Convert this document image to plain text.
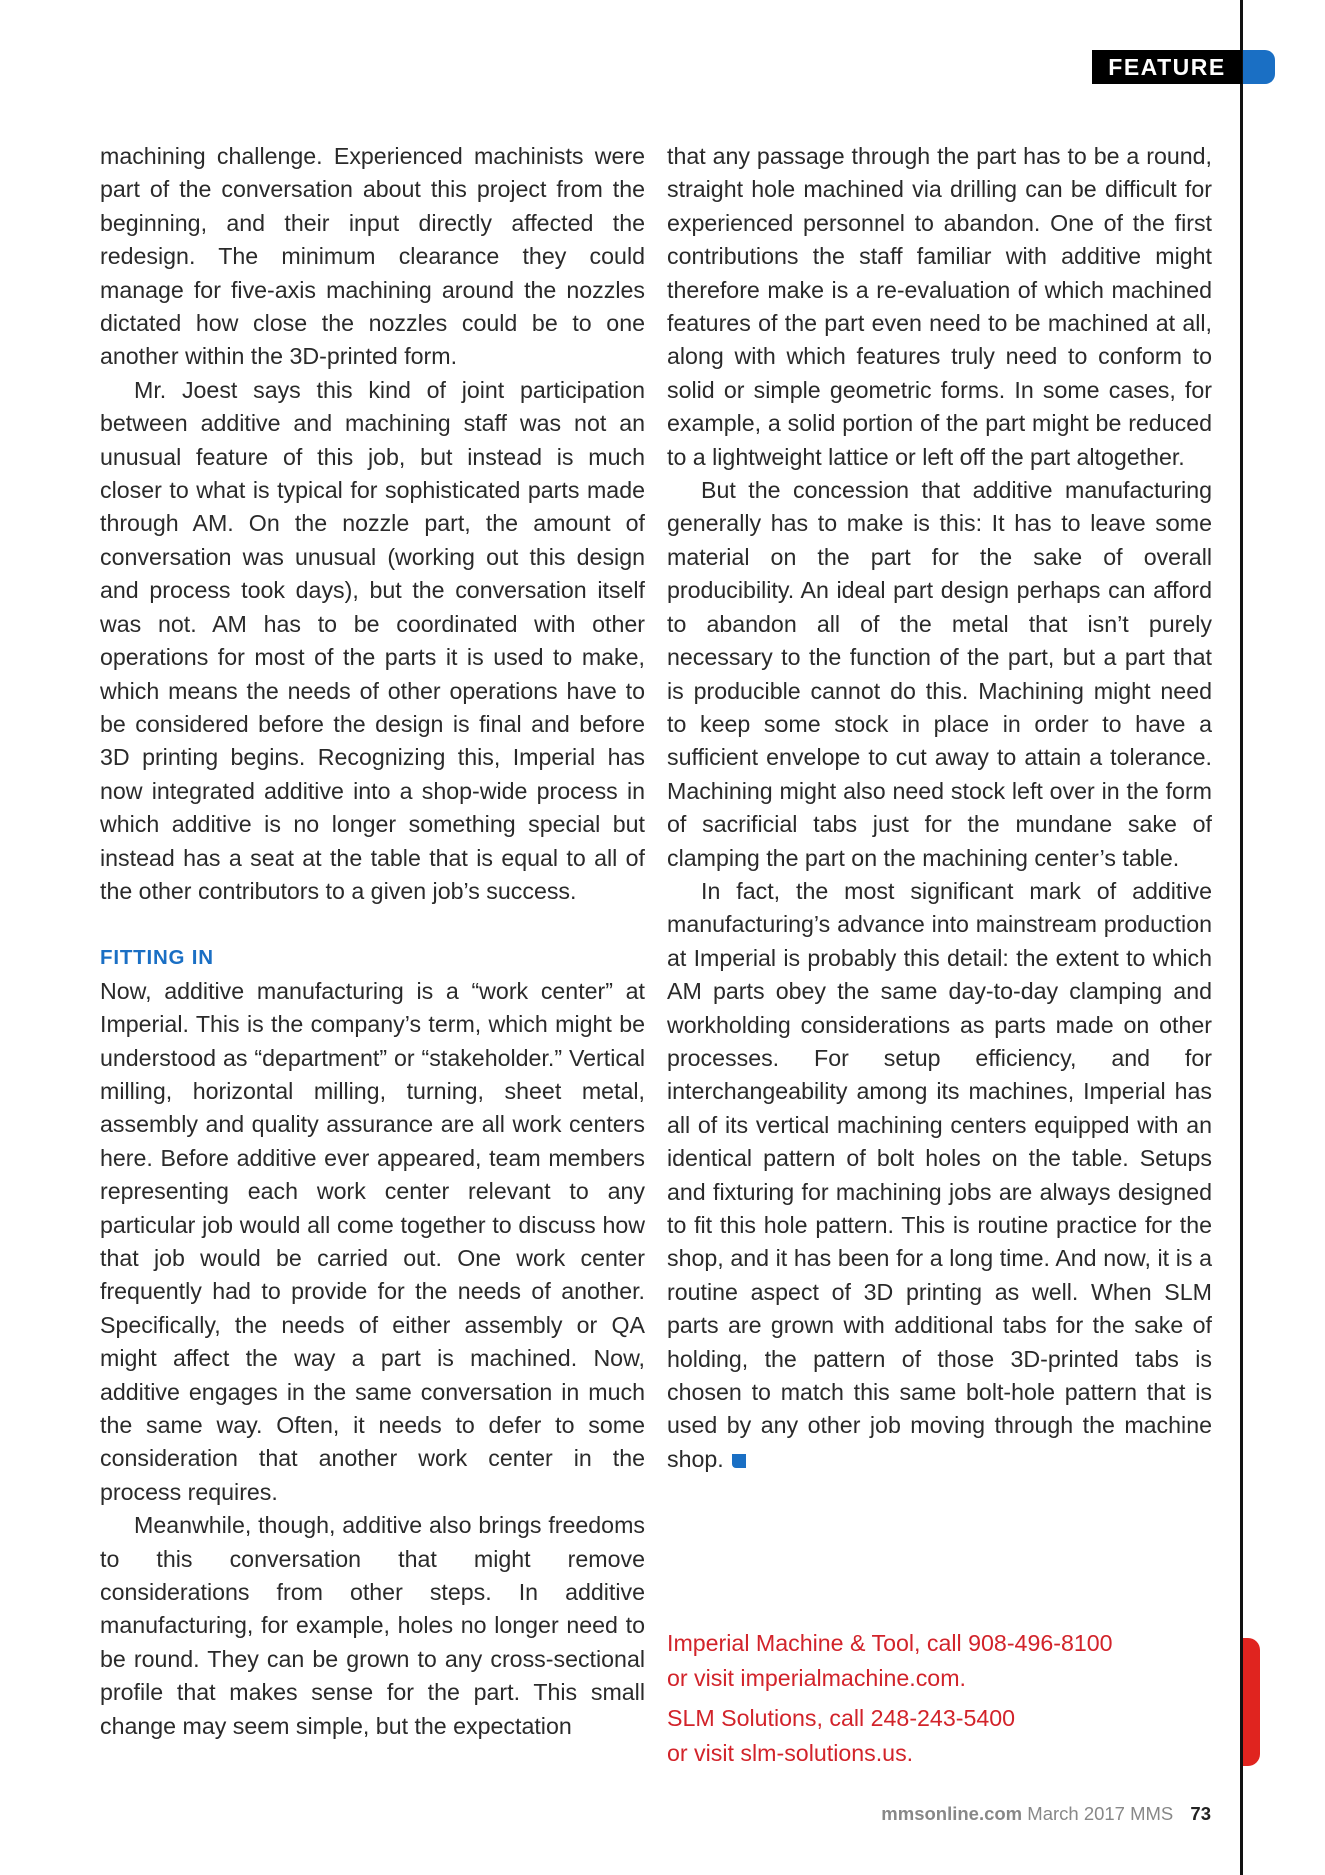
FEATURE

machining challenge. Experienced machinists were part of the conversation about this project from the beginning, and their input directly affected the redesign. The minimum clearance they could manage for five-axis machining around the nozzles dictated how close the nozzles could be to one another within the 3D-printed form.

Mr. Joest says this kind of joint participation between additive and machining staff was not an unusual feature of this job, but instead is much closer to what is typical for sophisticated parts made through AM. On the nozzle part, the amount of conversation was unusual (working out this design and process took days), but the conversation itself was not. AM has to be coordinated with other operations for most of the parts it is used to make, which means the needs of other operations have to be considered before the design is final and before 3D printing begins. Recognizing this, Imperial has now integrated additive into a shop-wide process in which additive is no longer something special but instead has a seat at the table that is equal to all of the other contributors to a given job’s success.

FITTING IN

Now, additive manufacturing is a “work center” at Imperial. This is the company’s term, which might be understood as “department” or “stakeholder.” Vertical milling, horizontal milling, turning, sheet metal, assembly and quality assurance are all work centers here. Before additive ever appeared, team members representing each work center relevant to any particular job would all come together to discuss how that job would be carried out. One work center frequently had to provide for the needs of another. Specifically, the needs of either assembly or QA might affect the way a part is machined. Now, additive engages in the same conversation in much the same way. Often, it needs to defer to some consideration that another work center in the process requires.

Meanwhile, though, additive also brings freedoms to this conversation that might remove considerations from other steps. In additive manufacturing, for example, holes no longer need to be round. They can be grown to any cross-sectional profile that makes sense for the part. This small change may seem simple, but the expectation

that any passage through the part has to be a round, straight hole machined via drilling can be difficult for experienced personnel to abandon. One of the first contributions the staff familiar with additive might therefore make is a re-evaluation of which machined features of the part even need to be machined at all, along with which features truly need to conform to solid or simple geometric forms. In some cases, for example, a solid portion of the part might be reduced to a lightweight lattice or left off the part altogether.

But the concession that additive manufacturing generally has to make is this: It has to leave some material on the part for the sake of overall producibility. An ideal part design perhaps can afford to abandon all of the metal that isn’t purely necessary to the function of the part, but a part that is producible cannot do this. Machining might need to keep some stock in place in order to have a sufficient envelope to cut away to attain a tolerance. Machining might also need stock left over in the form of sacrificial tabs just for the mundane sake of clamping the part on the machining center’s table.

In fact, the most significant mark of additive manufacturing’s advance into mainstream production at Imperial is probably this detail: the extent to which AM parts obey the same day-to-day clamping and workholding considerations as parts made on other processes. For setup efficiency, and for interchangeability among its machines, Imperial has all of its vertical machining centers equipped with an identical pattern of bolt holes on the table. Setups and fixturing for machining jobs are always designed to fit this hole pattern. This is routine practice for the shop, and it has been for a long time. And now, it is a routine aspect of 3D printing as well. When SLM parts are grown with additional tabs for the sake of holding, the pattern of those 3D-printed tabs is chosen to match this same bolt-hole pattern that is used by any other job moving through the machine shop.

Imperial Machine & Tool, call 908-496-8100
or visit imperialmachine.com.

SLM Solutions, call 248-243-5400
or visit slm-solutions.us.

mmsonline.com March 2017 MMS 73
